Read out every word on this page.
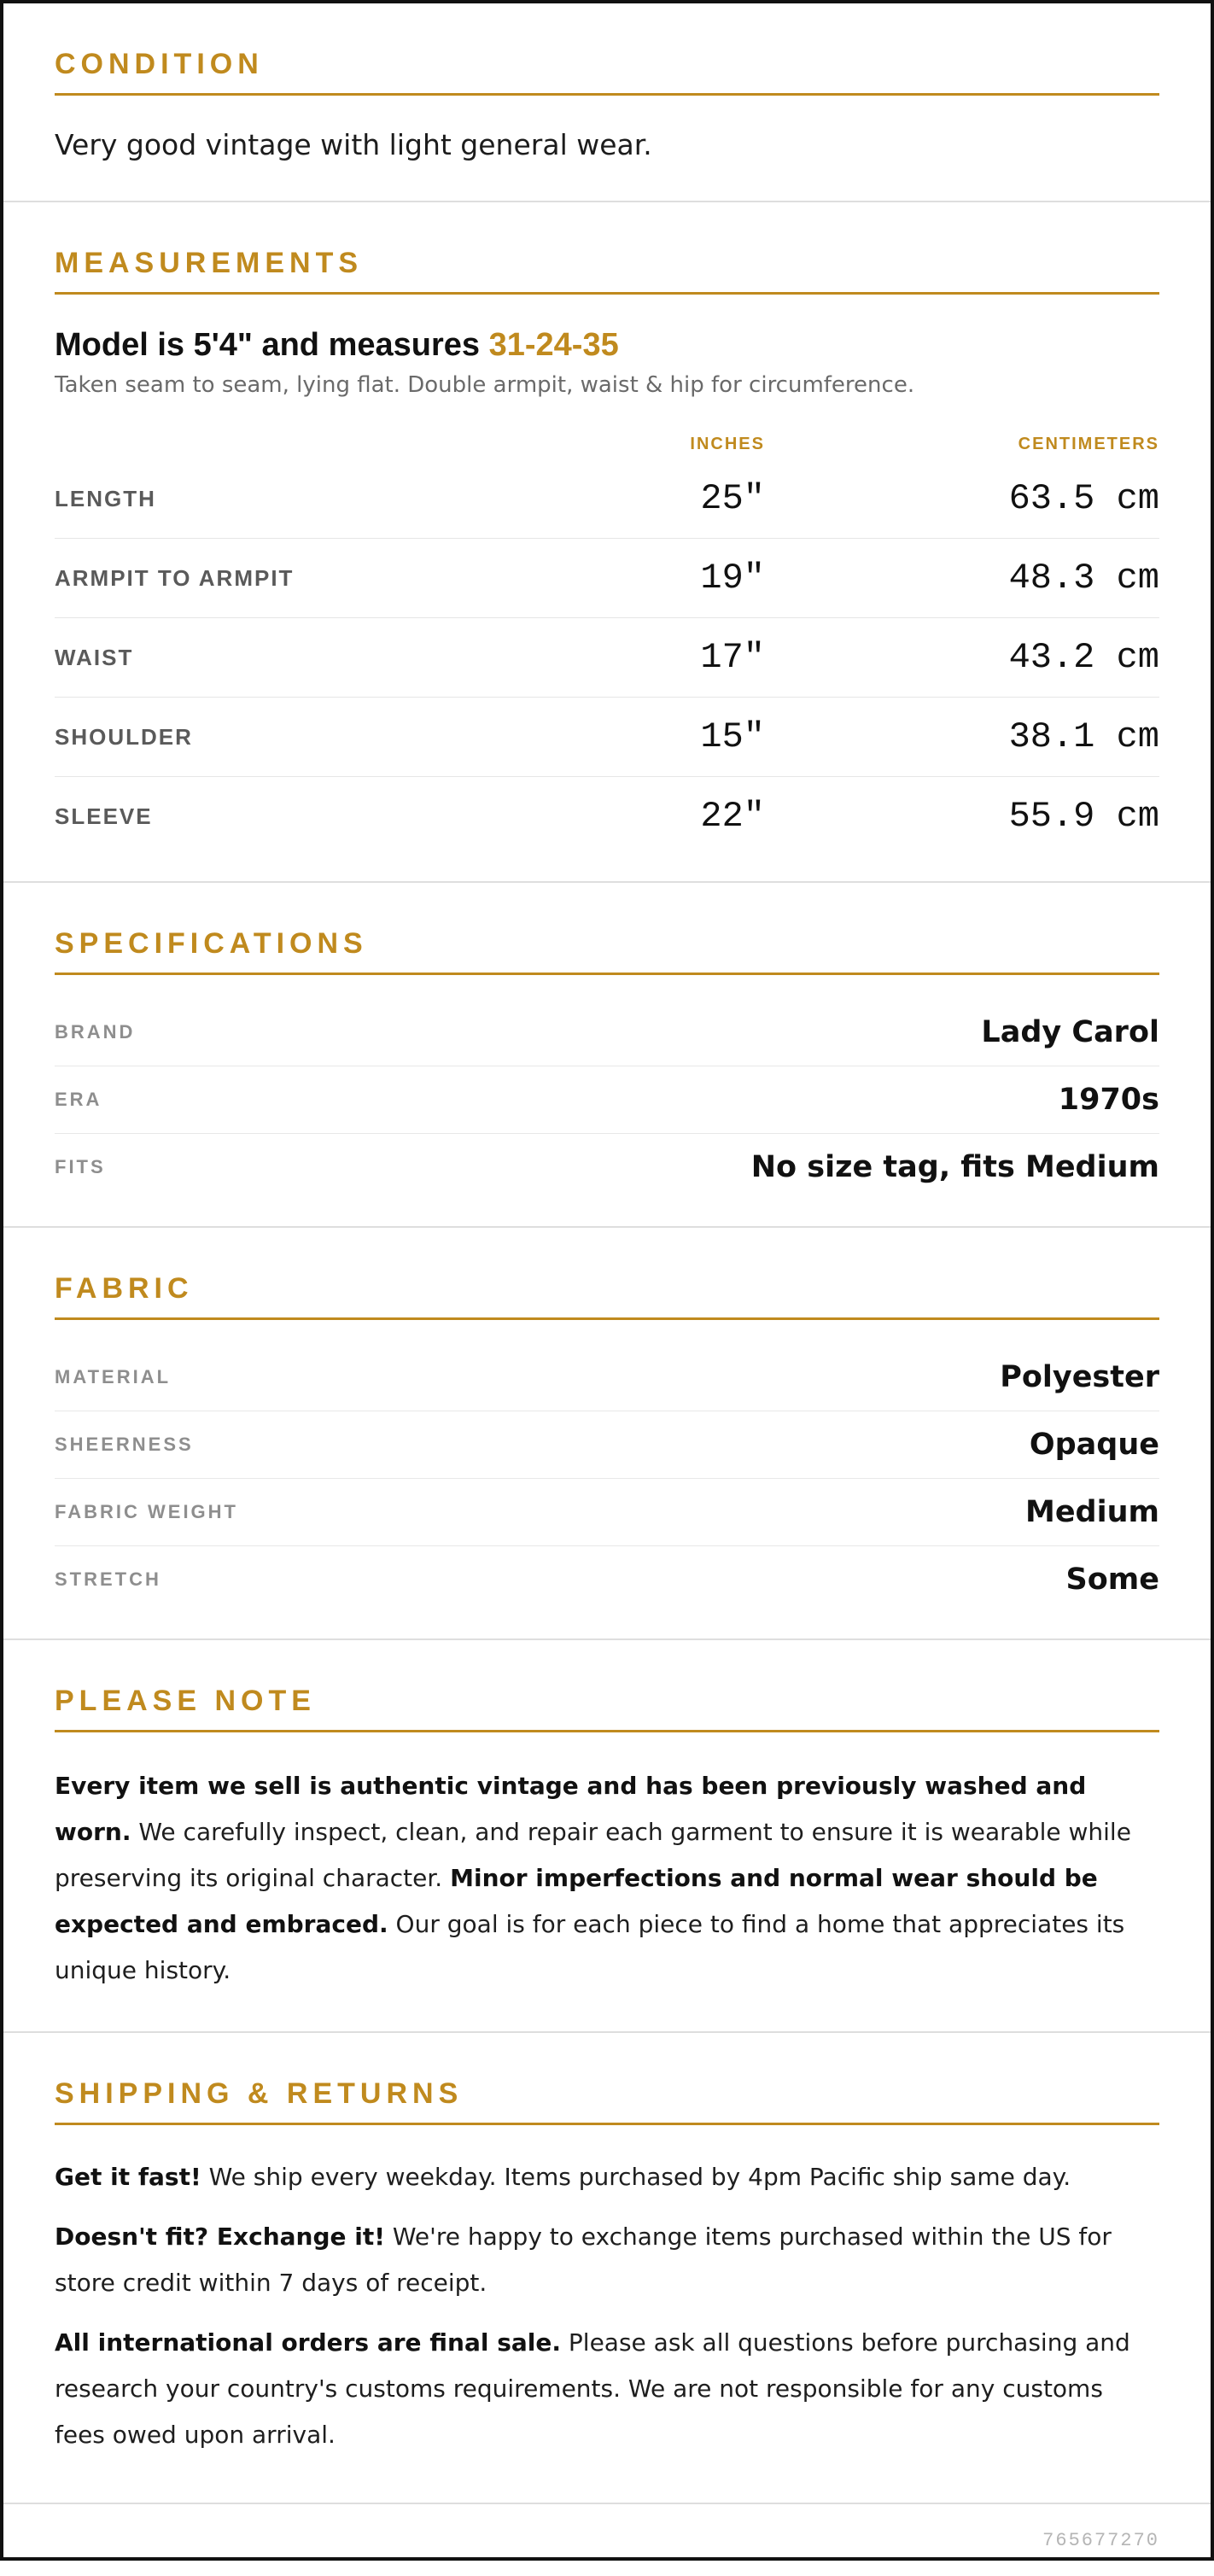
CONDITION

Very good vintage with light general wear.

MEASUREMENTS
Model is 5'4" and measures 31-24-35
Taken seam to seam, lying flat. Double armpit, waist & hip for circumference.
INCHES	CENTIMETERS
LENGTH	25"	63.5 cm
ARMPIT TO ARMPIT	19"	48.3 cm
WAIST	17"	43.2 cm
SHOULDER	15"	38.1 cm
SLEEVE	22"	55.9 cm
SPECIFICATIONS
BRAND	Lady Carol
ERA	1970s
FITS	No size tag, fits Medium
FABRIC
MATERIAL	Polyester
SHEERNESS	Opaque
FABRIC WEIGHT	Medium
STRETCH	Some
PLEASE NOTE

Every item we sell is authentic vintage and has been previously washed and worn. We carefully inspect, clean, and repair each garment to ensure it is wearable while preserving its original character. Minor imperfections and normal wear should be expected and embraced. Our goal is for each piece to find a home that appreciates its unique history.

SHIPPING & RETURNS

Get it fast! We ship every weekday. Items purchased by 4pm Pacific ship same day.

Doesn't fit? Exchange it! We're happy to exchange items purchased within the US for store credit within 7 days of receipt.

All international orders are final sale. Please ask all questions before purchasing and research your country's customs requirements. We are not responsible for any customs fees owed upon arrival.

765677270
